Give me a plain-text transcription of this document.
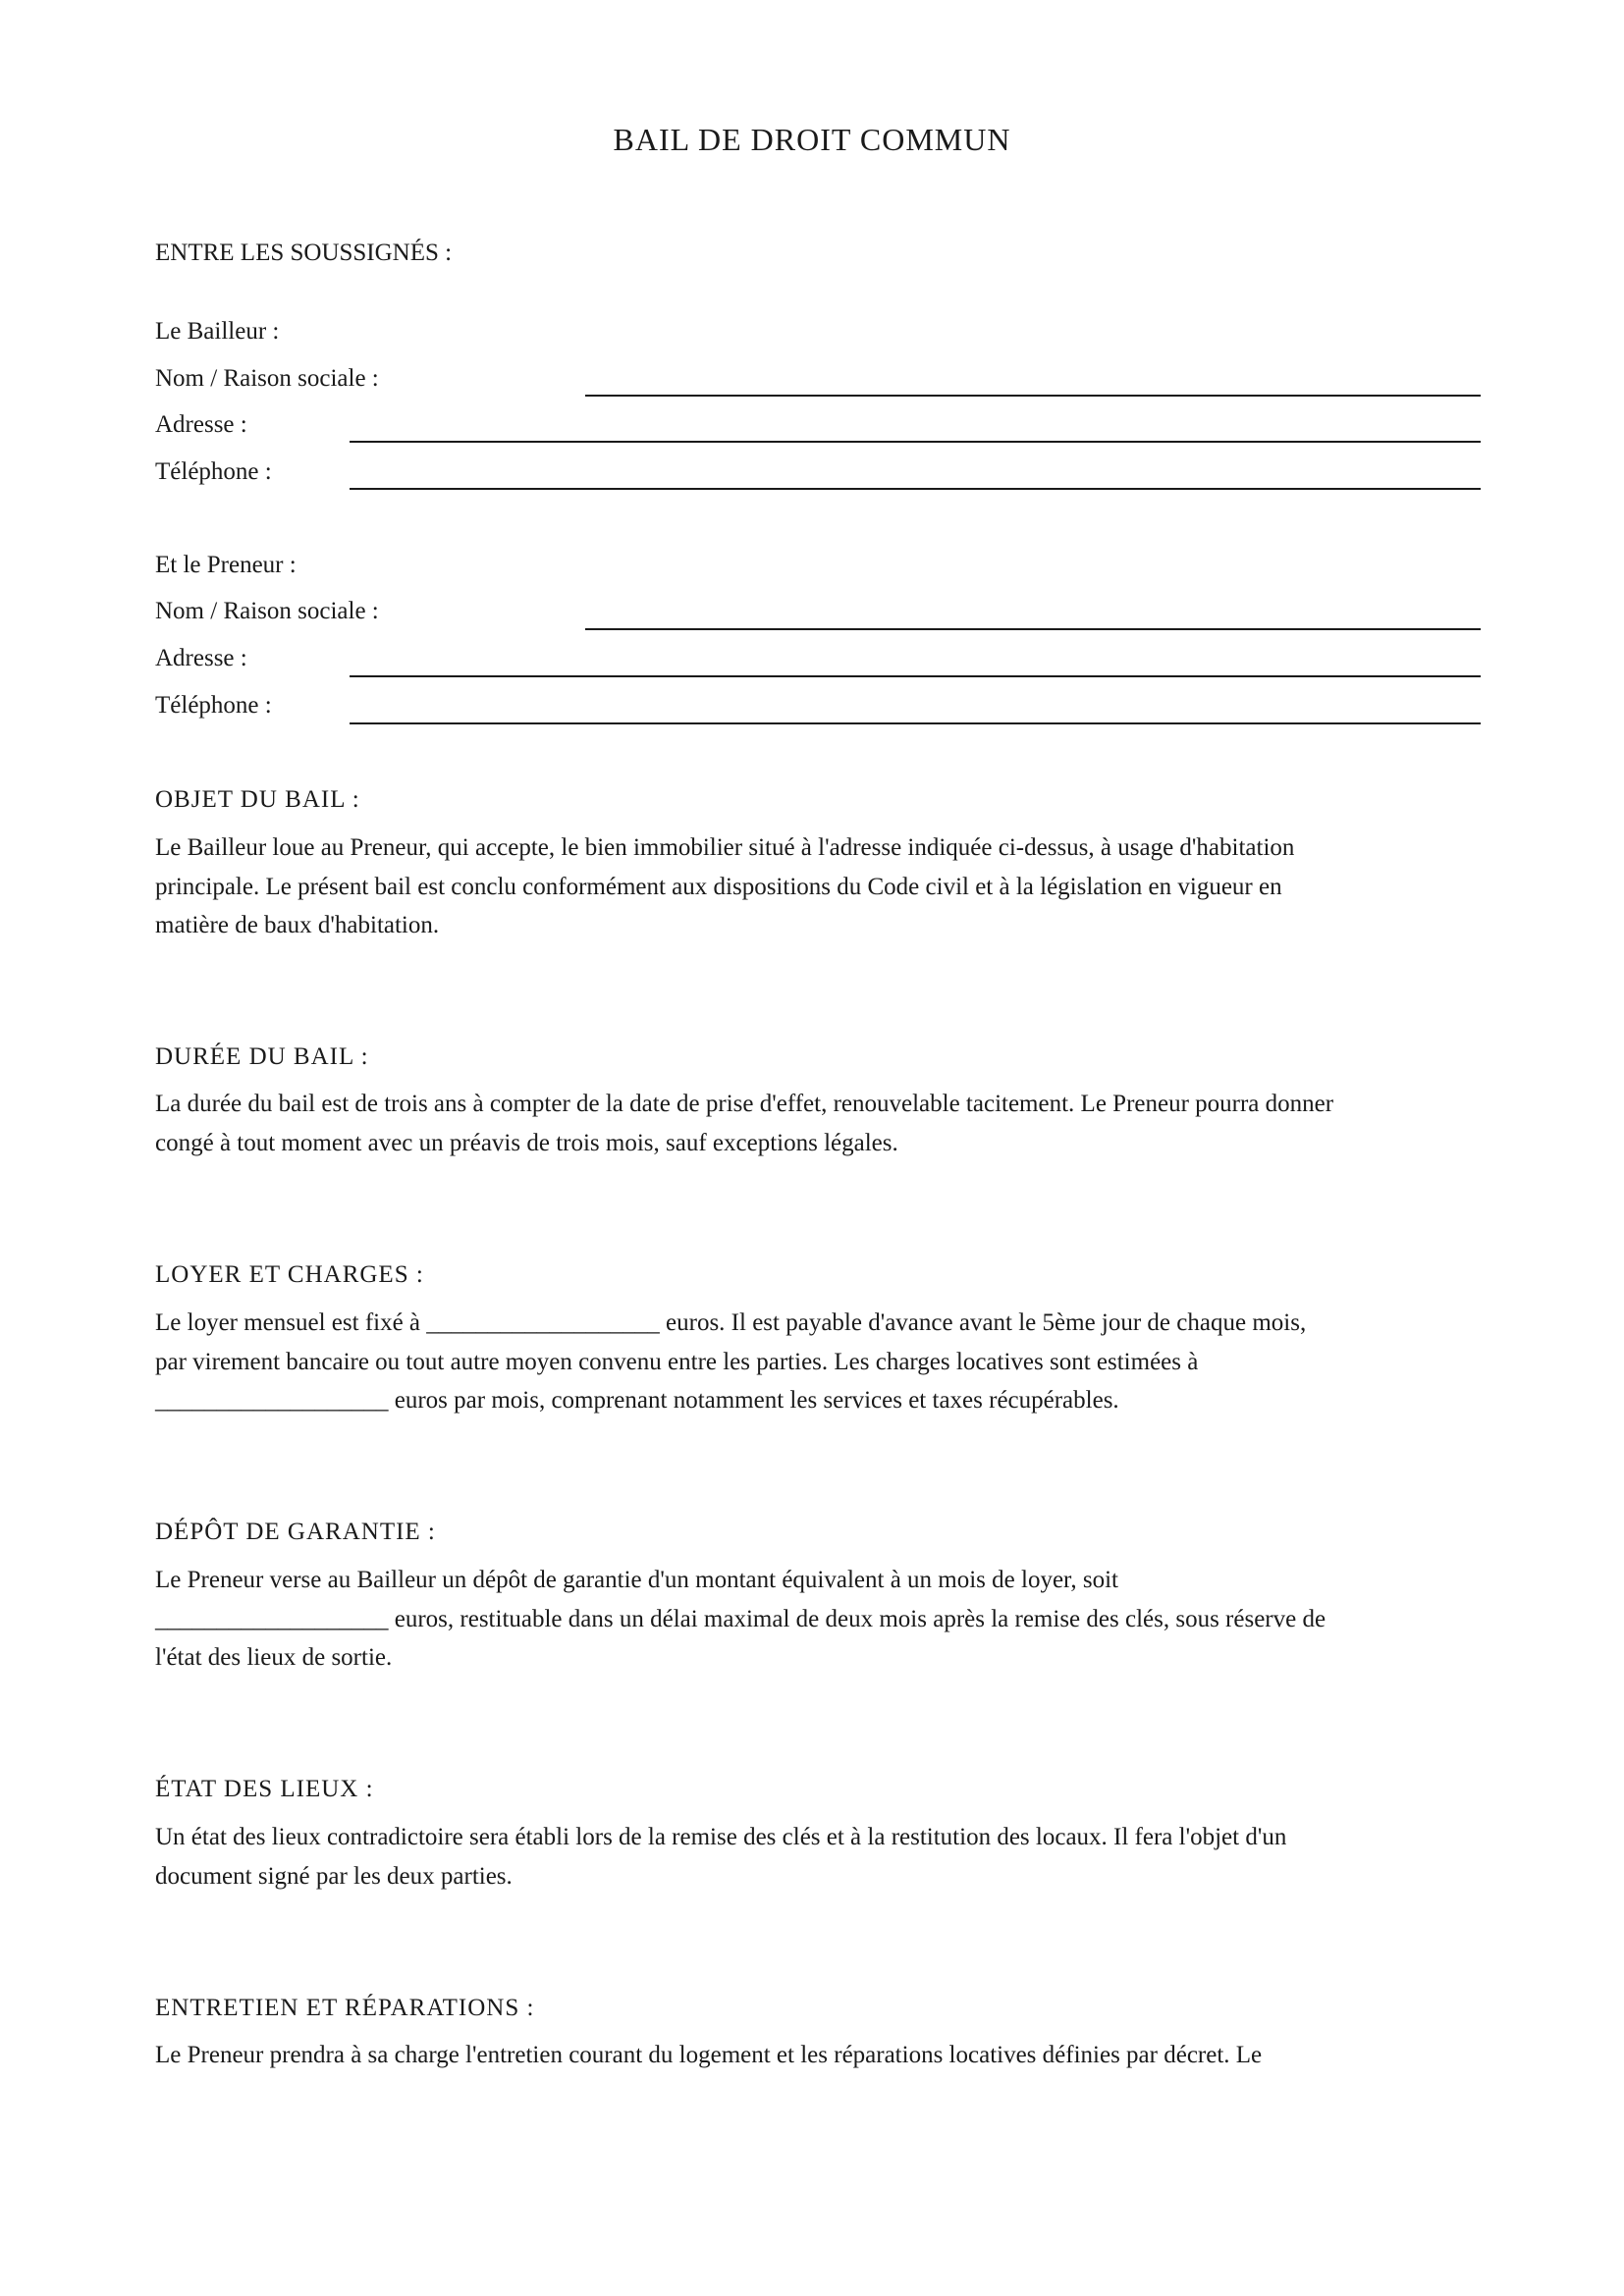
BAIL DE DROIT COMMUN
ENTRE LES SOUSSIGNÉS :
Le Bailleur :
Nom / Raison sociale :
Adresse :
Téléphone :
Et le Preneur :
Nom / Raison sociale :
Adresse :
Téléphone :
OBJET DU BAIL :
Le Bailleur loue au Preneur, qui accepte, le bien immobilier situé à l'adresse indiquée ci-dessus, à usage d'habitation
principale. Le présent bail est conclu conformément aux dispositions du Code civil et à la législation en vigueur en
matière de baux d'habitation.
DURÉE DU BAIL :
La durée du bail est de trois ans à compter de la date de prise d'effet, renouvelable tacitement. Le Preneur pourra donner
congé à tout moment avec un préavis de trois mois, sauf exceptions légales.
LOYER ET CHARGES :
Le loyer mensuel est fixé à ___________________ euros. Il est payable d'avance avant le 5ème jour de chaque mois,
par virement bancaire ou tout autre moyen convenu entre les parties. Les charges locatives sont estimées à
___________________ euros par mois, comprenant notamment les services et taxes récupérables.
DÉPÔT DE GARANTIE :
Le Preneur verse au Bailleur un dépôt de garantie d'un montant équivalent à un mois de loyer, soit
___________________ euros, restituable dans un délai maximal de deux mois après la remise des clés, sous réserve de
l'état des lieux de sortie.
ÉTAT DES LIEUX :
Un état des lieux contradictoire sera établi lors de la remise des clés et à la restitution des locaux. Il fera l'objet d'un
document signé par les deux parties.
ENTRETIEN ET RÉPARATIONS :
Le Preneur prendra à sa charge l'entretien courant du logement et les réparations locatives définies par décret. Le
